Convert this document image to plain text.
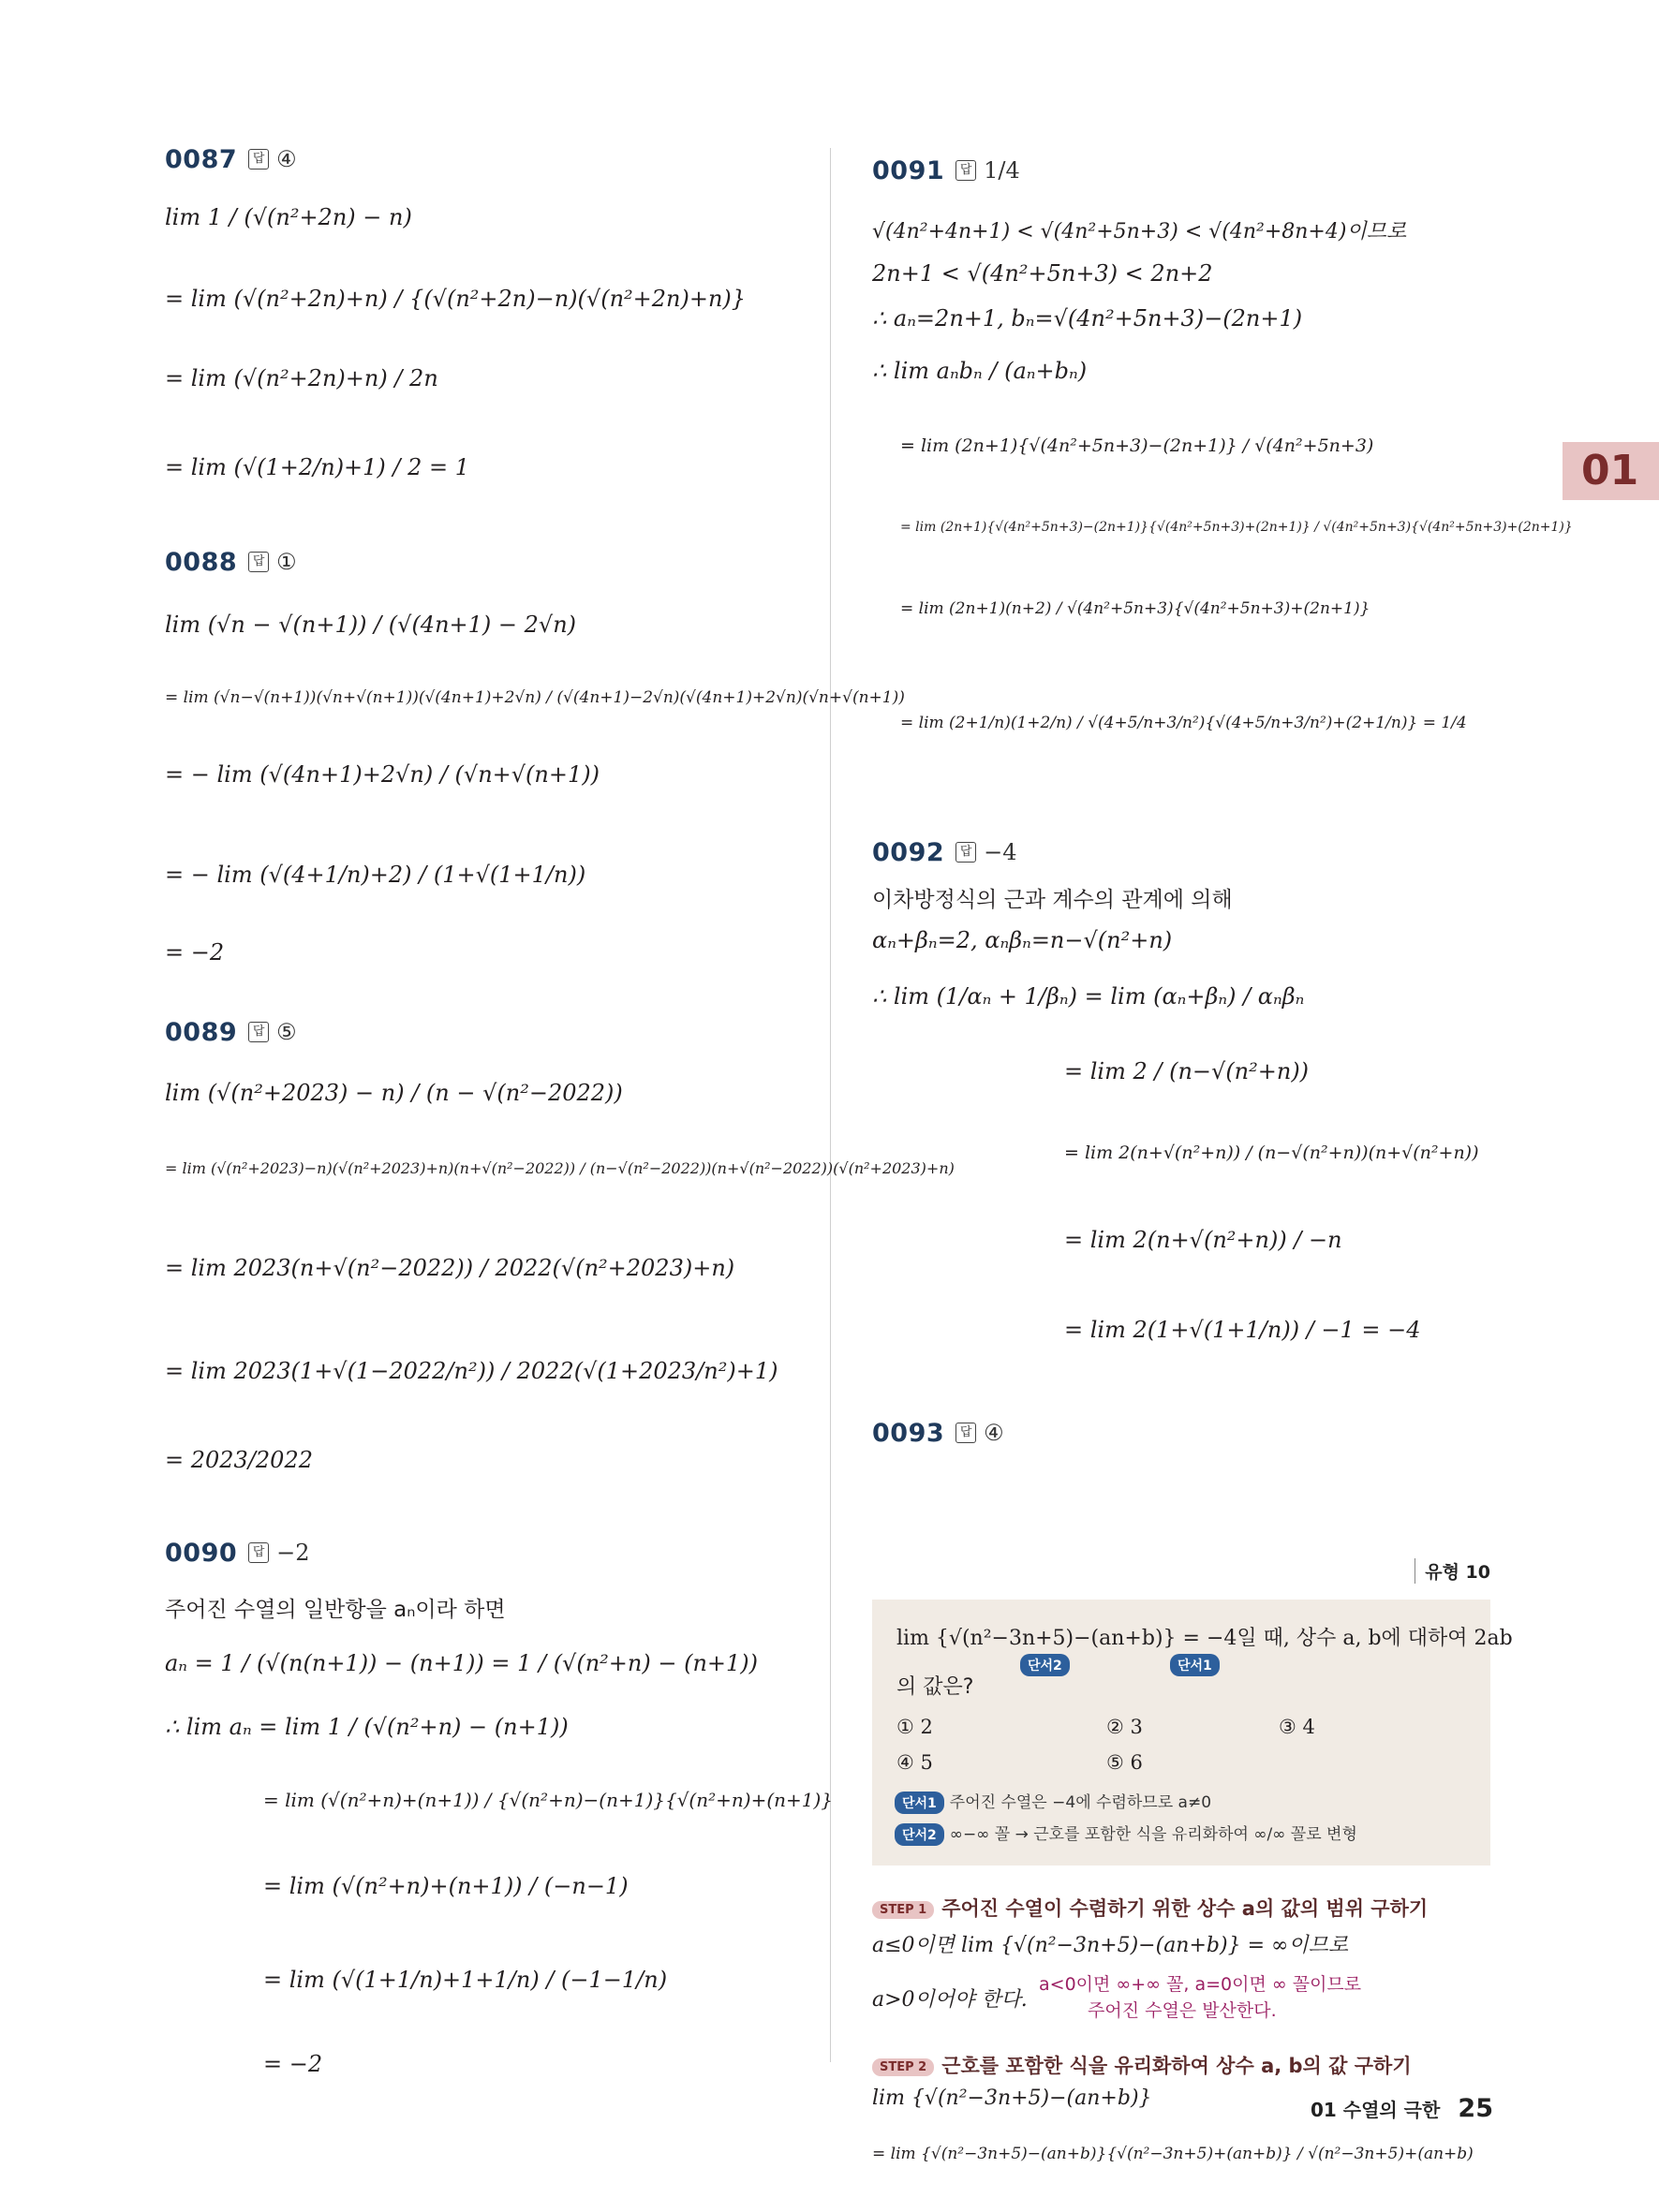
01
0087	답 ④
lim 1 / (√(n²+2n) − n)
= lim (√(n²+2n)+n) / {(√(n²+2n)−n)(√(n²+2n)+n)}
= lim (√(n²+2n)+n) / 2n
= lim (√(1+2/n)+1) / 2 = 1
0088	답 ①
lim (√n − √(n+1)) / (√(4n+1) − 2√n)
= lim (√n−√(n+1))(√n+√(n+1))(√(4n+1)+2√n) / (√(4n+1)−2√n)(√(4n+1)+2√n)(√n+√(n+1))
= − lim (√(4n+1)+2√n) / (√n+√(n+1))
= − lim (√(4+1/n)+2) / (1+√(1+1/n))
= −2
0089	답 ⑤
lim (√(n²+2023) − n) / (n − √(n²−2022))
= lim (√(n²+2023)−n)(√(n²+2023)+n)(n+√(n²−2022)) / (n−√(n²−2022))(n+√(n²−2022))(√(n²+2023)+n)
= lim 2023(n+√(n²−2022)) / 2022(√(n²+2023)+n)
= lim 2023(1+√(1−2022/n²)) / 2022(√(1+2023/n²)+1)
= 2023/2022
0090	답 −2
주어진 수열의 일반항을 aₙ이라 하면
aₙ = 1 / (√(n(n+1)) − (n+1)) = 1 / (√(n²+n) − (n+1))
∴ lim aₙ = lim 1 / (√(n²+n) − (n+1))
= lim (√(n²+n)+(n+1)) / {√(n²+n)−(n+1)}{√(n²+n)+(n+1)}
= lim (√(n²+n)+(n+1)) / (−n−1)
= lim (√(1+1/n)+1+1/n) / (−1−1/n)
= −2
0091	답 1/4
√(4n²+4n+1) < √(4n²+5n+3) < √(4n²+8n+4)이므로
2n+1 < √(4n²+5n+3) < 2n+2
∴ aₙ=2n+1, bₙ=√(4n²+5n+3)−(2n+1)
∴ lim aₙbₙ / (aₙ+bₙ)
= lim (2n+1){√(4n²+5n+3)−(2n+1)} / √(4n²+5n+3)
= lim (2n+1){√(4n²+5n+3)−(2n+1)}{√(4n²+5n+3)+(2n+1)} / √(4n²+5n+3){√(4n²+5n+3)+(2n+1)}
= lim (2n+1)(n+2) / √(4n²+5n+3){√(4n²+5n+3)+(2n+1)}
= lim (2+1/n)(1+2/n) / √(4+5/n+3/n²){√(4+5/n+3/n²)+(2+1/n)} = 1/4
0092	답 −4
이차방정식의 근과 계수의 관계에 의해
αₙ+βₙ=2, αₙβₙ=n−√(n²+n)
∴ lim (1/αₙ + 1/βₙ) = lim (αₙ+βₙ) / αₙβₙ
= lim 2 / (n−√(n²+n))
= lim 2(n+√(n²+n)) / (n−√(n²+n))(n+√(n²+n))
= lim 2(n+√(n²+n)) / −n
= lim 2(1+√(1+1/n)) / −1 = −4
0093	답 ④
유형 10
lim {√(n²−3n+5)−(an+b)} = −4일 때, 상수 a, b에 대하여 2ab
단서2	단서1
의 값은?
① 2	② 3	③ 4
④ 5	⑤ 6
단서1 주어진 수열은 −4에 수렴하므로 a≠0
단서2 ∞−∞ 꼴 → 근호를 포함한 식을 유리화하여 ∞/∞ 꼴로 변형
STEP 1 주어진 수열이 수렴하기 위한 상수 a의 값의 범위 구하기
a≤0이면 lim {√(n²−3n+5)−(an+b)} = ∞이므로
a>0이어야 한다.
a<0이면 ∞+∞ 꼴, a=0이면 ∞ 꼴이므로
주어진 수열은 발산한다.
STEP 2 근호를 포함한 식을 유리화하여 상수 a, b의 값 구하기
lim {√(n²−3n+5)−(an+b)}
= lim {√(n²−3n+5)−(an+b)}{√(n²−3n+5)+(an+b)} / √(n²−3n+5)+(an+b)
01 수열의 극한 25
